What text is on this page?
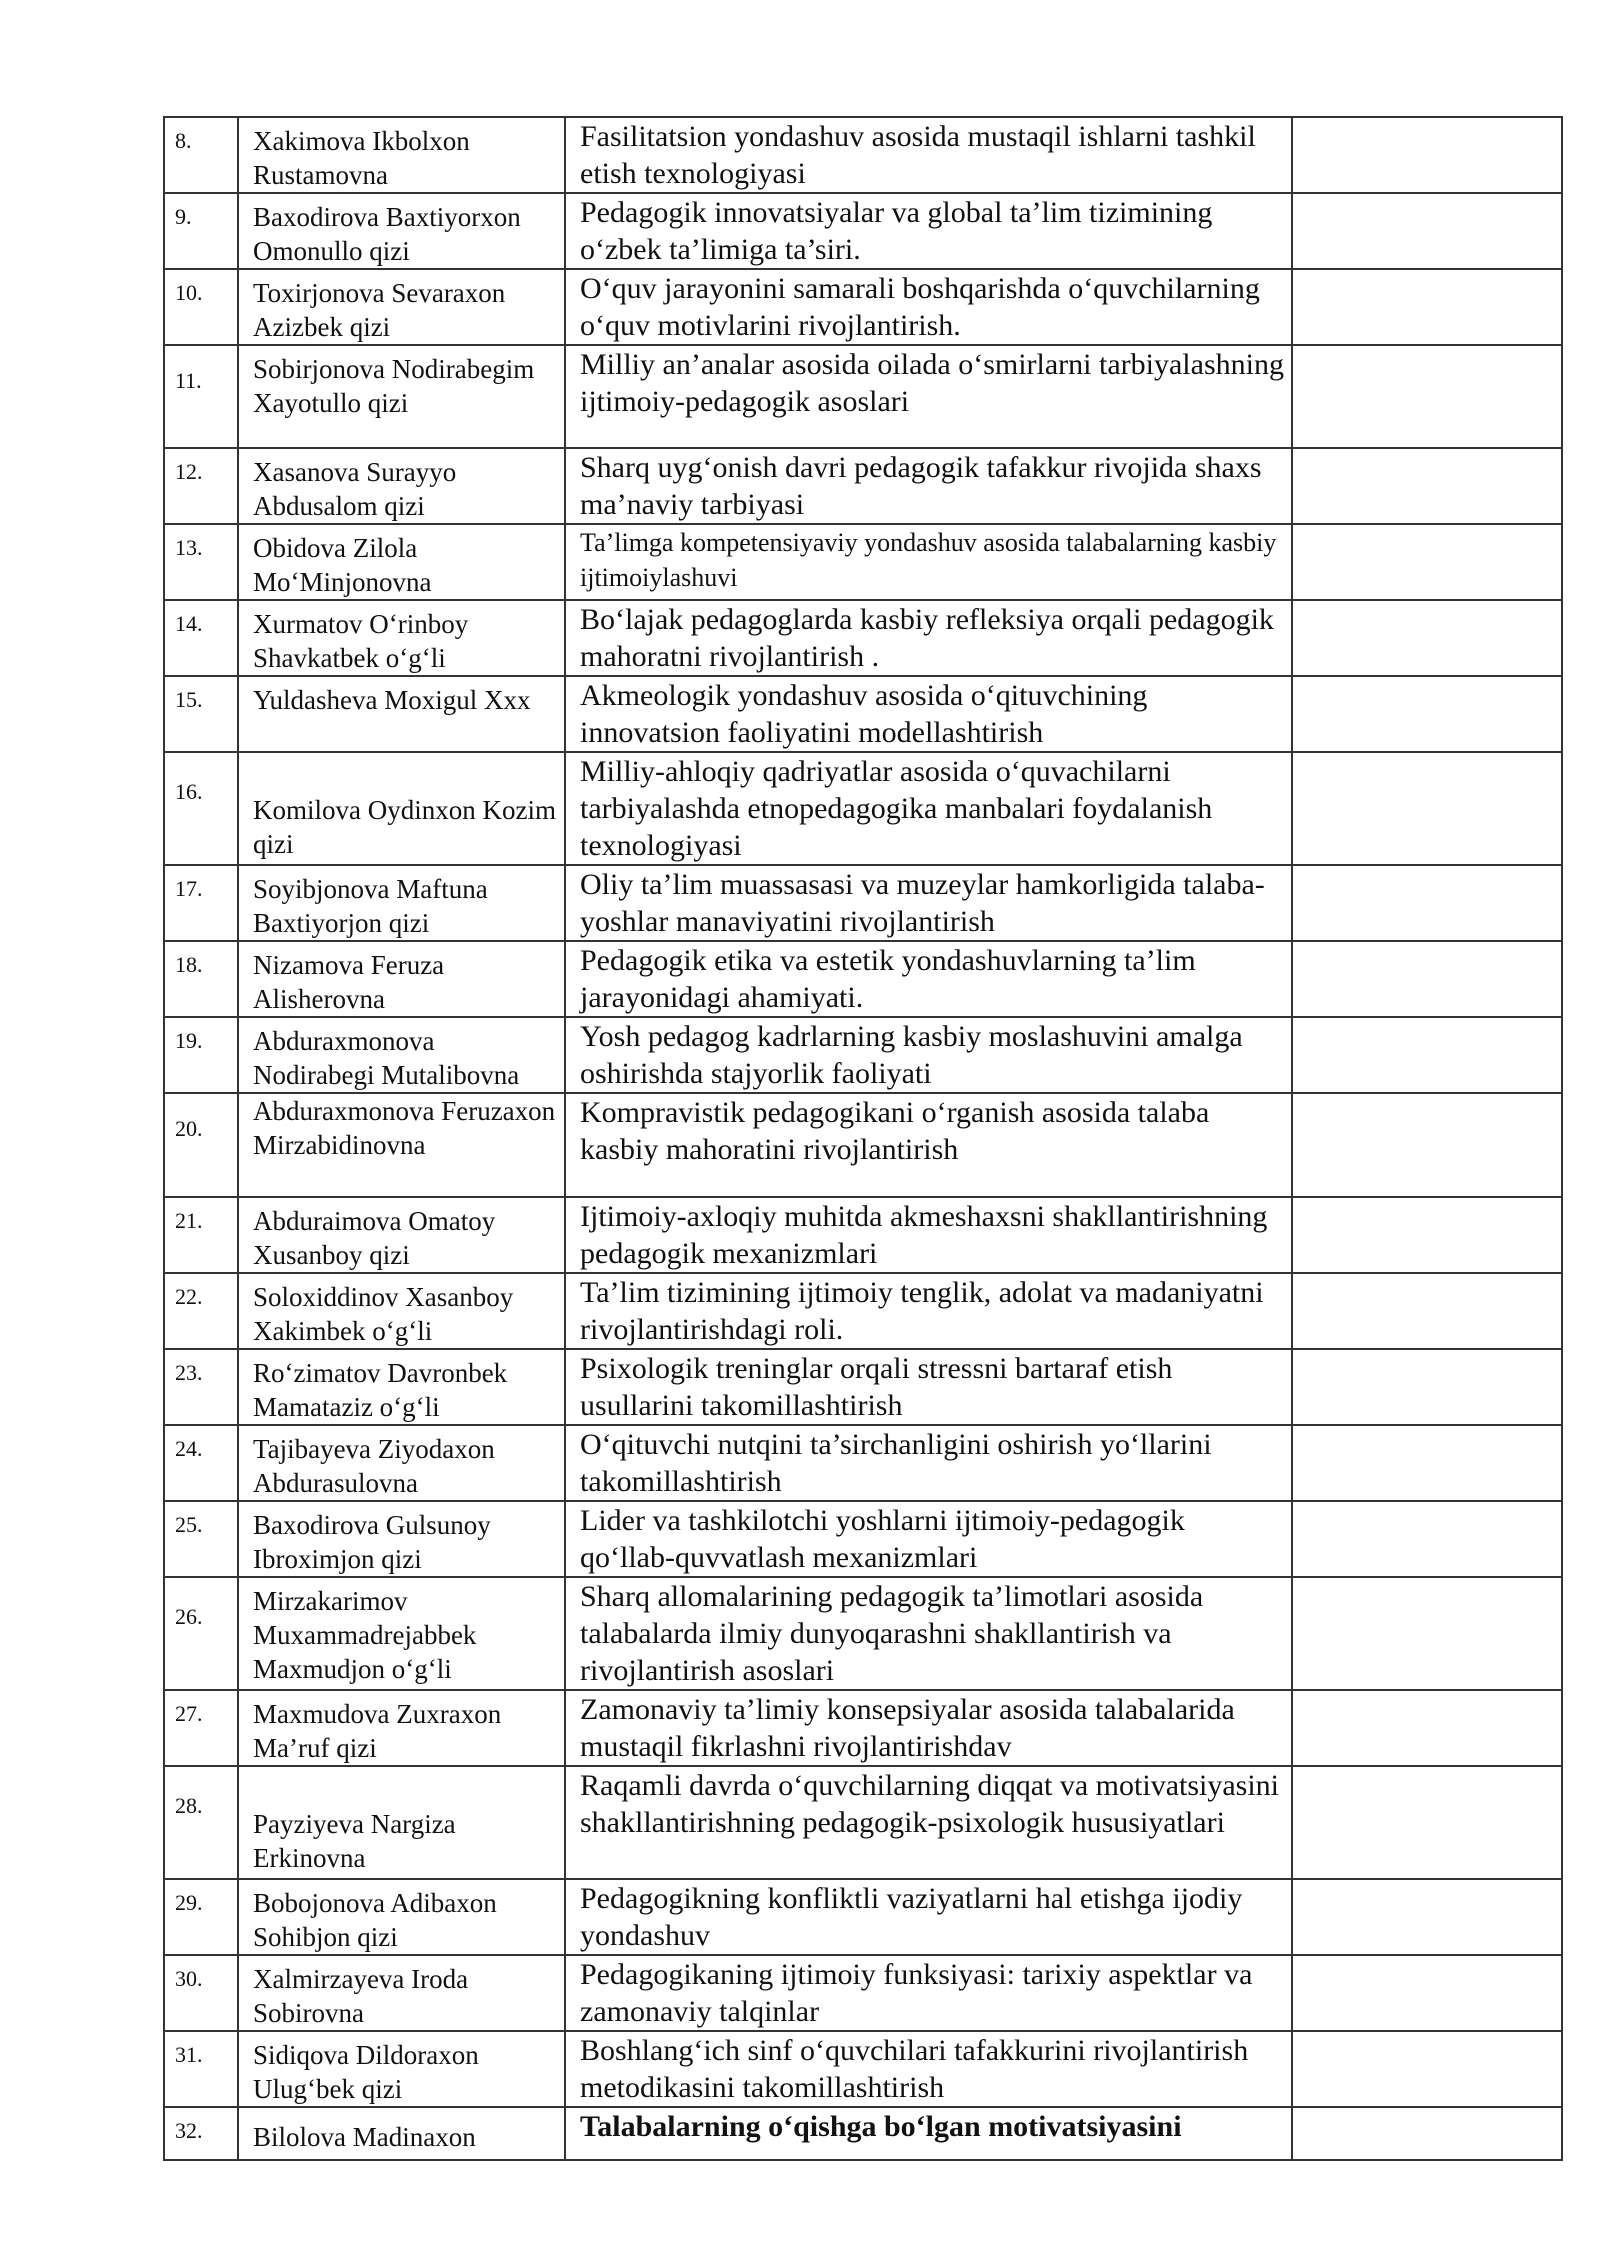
8.	Xakimova Ikbolxon Rustamovna	Fasilitatsion yondashuv asosida mustaqil ishlarni tashkil etish texnologiyasi	
9.	Baxodirova Baxtiyorxon Omonullo qizi	Pedagogik innovatsiyalar va global ta’lim tizimining o‘zbek ta’limiga ta’siri.	
10.	Toxirjonova Sevaraxon Azizbek qizi	O‘quv jarayonini samarali boshqarishda o‘quvchilarning o‘quv motivlarini rivojlantirish.	
11.	Sobirjonova Nodirabegim Xayotullo qizi	Milliy an’analar asosida oilada o‘smirlarni tarbiyalashning ijtimoiy-pedagogik asoslari	
12.	Xasanova Surayyo Abdusalom qizi	Sharq uyg‘onish davri pedagogik tafakkur rivojida shaxs ma’naviy tarbiyasi	
13.	Obidova Zilola Mo‘Minjonovna	Ta’limga kompetensiyaviy yondashuv asosida talabalarning kasbiy ijtimoiylashuvi	
14.	Xurmatov O‘rinboy Shavkatbek o‘g‘li	Bo‘lajak pedagoglarda kasbiy refleksiya orqali pedagogik mahoratni rivojlantirish .	
15.	Yuldasheva Moxigul Xxx	Akmeologik yondashuv asosida o‘qituvchining innovatsion faoliyatini modellashtirish	
16.	Komilova Oydinxon Kozim qizi	Milliy-ahloqiy qadriyatlar asosida o‘quvachilarni tarbiyalashda etnopedagogika manbalari foydalanish texnologiyasi	
17.	Soyibjonova Maftuna Baxtiyorjon qizi	Oliy ta’lim muassasasi va muzeylar hamkorligida talaba-yoshlar manaviyatini rivojlantirish	
18.	Nizamova Feruza Alisherovna	Pedagogik etika va estetik yondashuvlarning ta’lim jarayonidagi ahamiyati.	
19.	Abduraxmonova Nodirabegi Mutalibovna	Yosh pedagog kadrlarning kasbiy moslashuvini amalga oshirishda stajyorlik faoliyati	
20.	Abduraxmonova Feruzaxon Mirzabidinovna	Kompravistik pedagogikani o‘rganish asosida talaba kasbiy mahoratini rivojlantirish	
21.	Abduraimova Omatoy Xusanboy qizi	Ijtimoiy-axloqiy muhitda akmeshaxsni shakllantirishning pedagogik mexanizmlari	
22.	Soloxiddinov Xasanboy Xakimbek o‘g‘li	Ta’lim tizimining ijtimoiy tenglik, adolat va madaniyatni rivojlantirishdagi roli.	
23.	Ro‘zimatov Davronbek Mamataziz o‘g‘li	Psixologik treninglar orqali stressni bartaraf etish usullarini takomillashtirish	
24.	Tajibayeva Ziyodaxon Abdurasulovna	O‘qituvchi nutqini ta’sirchanligini oshirish yo‘llarini takomillashtirish	
25.	Baxodirova Gulsunoy Ibroximjon qizi	Lider va tashkilotchi yoshlarni ijtimoiy-pedagogik qo‘llab-quvvatlash mexanizmlari	
26.	Mirzakarimov Muxammadrejabbek Maxmudjon o‘g‘li	Sharq allomalarining pedagogik ta’limotlari asosida talabalarda ilmiy dunyoqarashni shakllantirish va rivojlantirish asoslari	
27.	Maxmudova Zuxraxon Ma’ruf qizi	Zamonaviy ta’limiy konsepsiyalar asosida talabalarida mustaqil fikrlashni rivojlantirishdav	
28.	Payziyeva Nargiza Erkinovna	Raqamli davrda o‘quvchilarning diqqat va motivatsiyasini shakllantirishning pedagogik-psixologik hususiyatlari	
29.	Bobojonova Adibaxon Sohibjon qizi	Pedagogikning konfliktli vaziyatlarni hal etishga ijodiy yondashuv	
30.	Xalmirzayeva Iroda Sobirovna	Pedagogikaning ijtimoiy funksiyasi: tarixiy aspektlar va zamonaviy talqinlar	
31.	Sidiqova Dildoraxon Ulug‘bek qizi	Boshlang‘ich sinf o‘quvchilari tafakkurini rivojlantirish metodikasini takomillashtirish	
32.	Bilolova Madinaxon	Talabalarning o‘qishga bo‘lgan motivatsiyasini	
